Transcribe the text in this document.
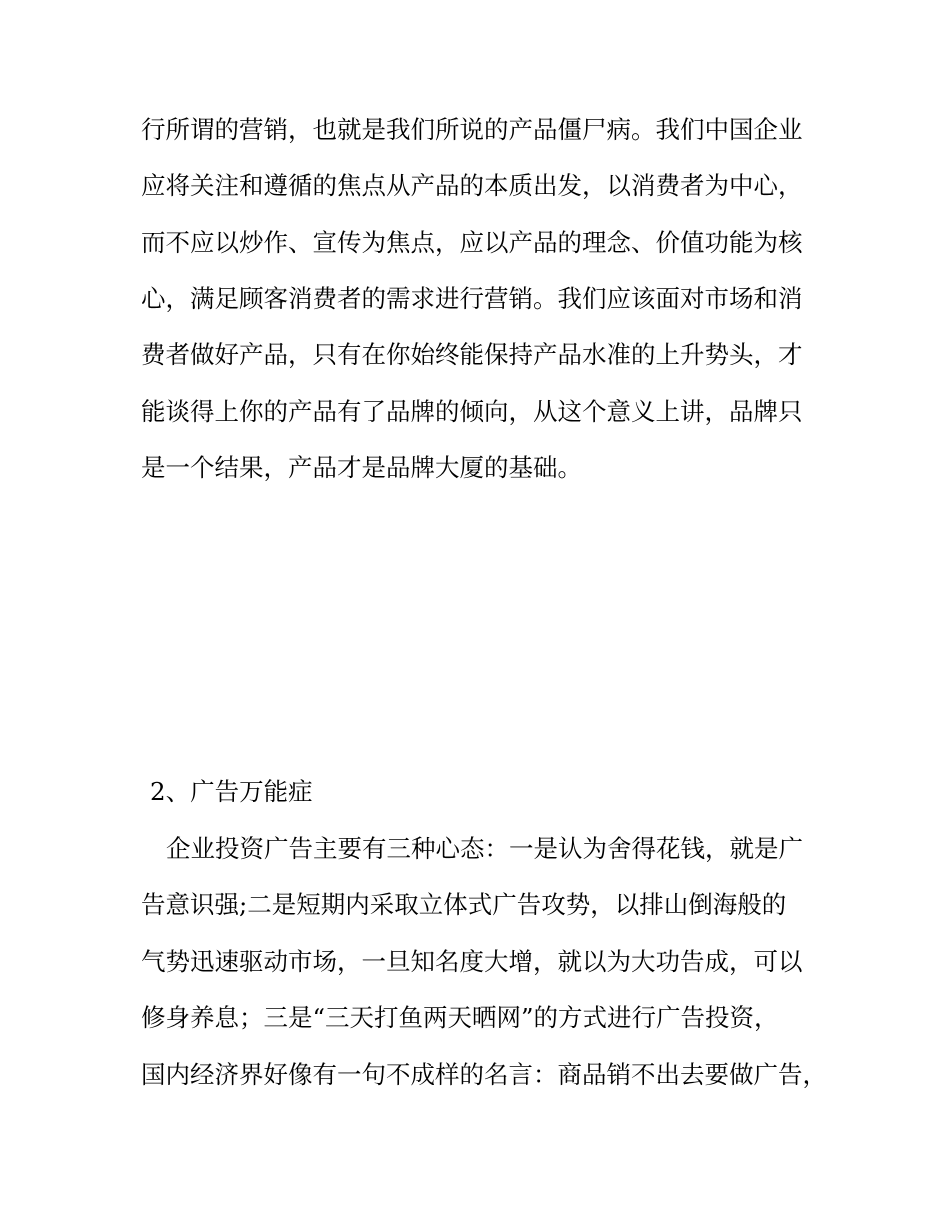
行所谓的营销，也就是我们所说的产品僵尸病。我们中国企业
应将关注和遵循的焦点从产品的本质出发，以消费者为中心，
而不应以炒作、宣传为焦点，应以产品的理念、价值功能为核
心，满足顾客消费者的需求进行营销。我们应该面对市场和消
费者做好产品，只有在你始终能保持产品水准的上升势头，才
能谈得上你的产品有了品牌的倾向，从这个意义上讲，品牌只
是一个结果，产品才是品牌大厦的基础。
2、广告万能症
企业投资广告主要有三种心态：一是认为舍得花钱，就是广
告意识强;二是短期内采取立体式广告攻势，以排山倒海般的
气势迅速驱动市场，一旦知名度大增，就以为大功告成，可以
修身养息；三是“三天打鱼两天晒网”的方式进行广告投资，
国内经济界好像有一句不成样的名言：商品销不出去要做广告，
